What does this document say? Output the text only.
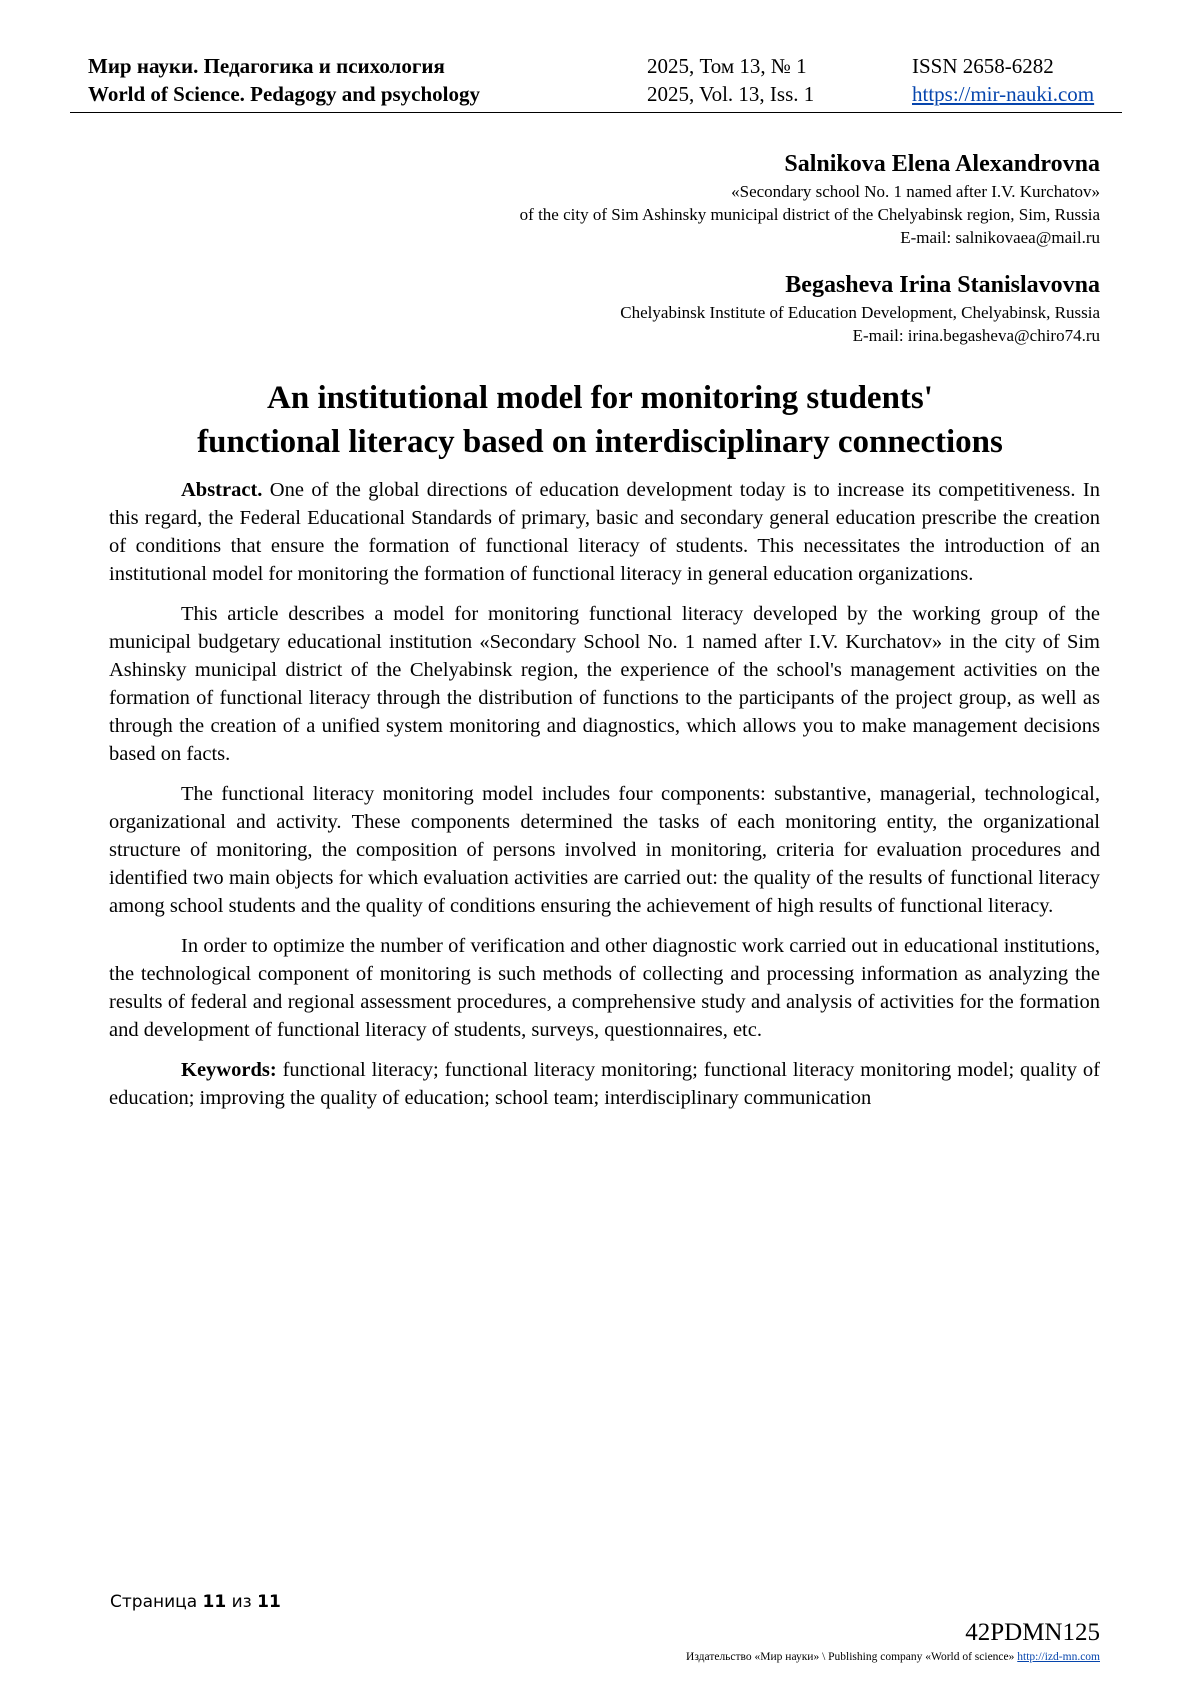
Мир науки. Педагогика и психология	2025, Том 13, № 1	ISSN 2658-6282
World of Science. Pedagogy and psychology	2025, Vol. 13, Iss. 1	https://mir-nauki.com
Salnikova Elena Alexandrovna
«Secondary school No. 1 named after I.V. Kurchatov»
of the city of Sim Ashinsky municipal district of the Chelyabinsk region, Sim, Russia
E-mail: salnikovaea@mail.ru
Begasheva Irina Stanislavovna
Chelyabinsk Institute of Education Development, Chelyabinsk, Russia
E-mail: irina.begasheva@chiro74.ru
An institutional model for monitoring students'
functional literacy based on interdisciplinary connections

Abstract. One of the global directions of education development today is to increase its competitiveness. In this regard, the Federal Educational Standards of primary, basic and secondary general education prescribe the creation of conditions that ensure the formation of functional literacy of students. This necessitates the introduction of an institutional model for monitoring the formation of functional literacy in general education organizations.

This article describes a model for monitoring functional literacy developed by the working group of the municipal budgetary educational institution «Secondary School No. 1 named after I.V. Kurchatov» in the city of Sim Ashinsky municipal district of the Chelyabinsk region, the experience of the school's management activities on the formation of functional literacy through the distribution of functions to the participants of the project group, as well as through the creation of a unified system monitoring and diagnostics, which allows you to make management decisions based on facts.

The functional literacy monitoring model includes four components: substantive, managerial, technological, organizational and activity. These components determined the tasks of each monitoring entity, the organizational structure of monitoring, the composition of persons involved in monitoring, criteria for evaluation procedures and identified two main objects for which evaluation activities are carried out: the quality of the results of functional literacy among school students and the quality of conditions ensuring the achievement of high results of functional literacy.

In order to optimize the number of verification and other diagnostic work carried out in educational institutions, the technological component of monitoring is such methods of collecting and processing information as analyzing the results of federal and regional assessment procedures, a comprehensive study and analysis of activities for the formation and development of functional literacy of students, surveys, questionnaires, etc.

Keywords: functional literacy; functional literacy monitoring; functional literacy monitoring model; quality of education; improving the quality of education; school team; interdisciplinary communication

Страница 11 из 11
42PDMN125
Издательство «Мир науки» \ Publishing company «World of science» http://izd-mn.com
